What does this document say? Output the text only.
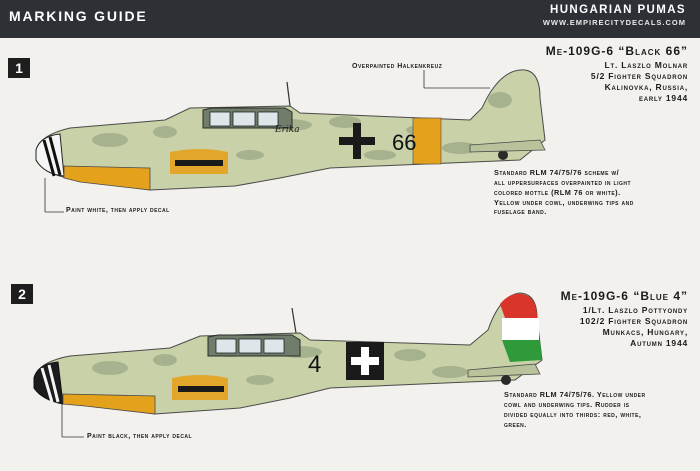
MARKING GUIDE	HUNGARIAN PUMAS
WWW.EMPIRECITYDECALS.COM
1
Me-109G-6 “Black 66”
Lt. Laszlo Molnar
5/2 Fighter Squadron
Kalinovka, Russia,
early 1944
Overpainted Halkenkreuz
Standard RLM 74/75/76 scheme w/
all uppersurfaces overpainted in light
colored mottle (RLM 76 or white).
Yellow under cowl, underwing tips and
fuselage band.
Paint white, then apply decal
66
Erika
2	Me-109G-6 “Blue 4”
1/Lt. Laszlo Pottyondy
102/2 Fighter Squadron
Munkacs, Hungary,
Autumn 1944
Standard RLM 74/75/76. Yellow under
cowl and underwing tips. Rudder is
divided equally into thirds: red, white,
green.
Paint black, then apply decal
4
